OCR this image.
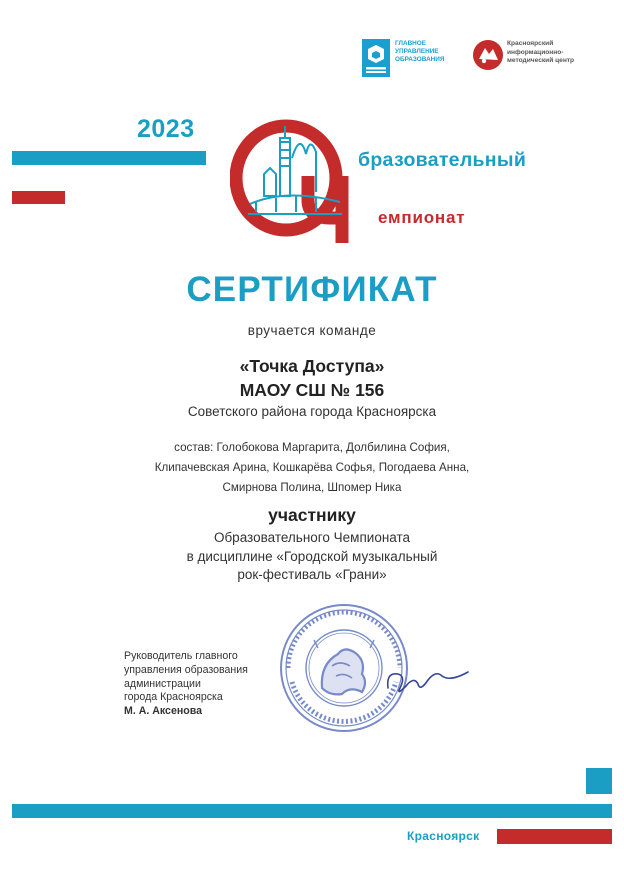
ГЛАВНОЕ УПРАВЛЕНИЕ ОБРАЗОВАНИЯ
Красноярский информационно-методический центр
2023
бразовательный
емпионат
СЕРТИФИКАТ
вручается команде
«Точка Доступа»
МАОУ СШ № 156
Советского района города Красноярска
состав: Голобокова Маргарита, Долбилина София,
Клипачевская Арина, Кошкарёва Софья, Погодаева Анна,
Смирнова Полина, Шпомер Ника
участнику
Образовательного Чемпионата
в дисциплине «Городской музыкальный
рок-фестиваль «Грани»
Руководитель главного
управления образования
администрации
города Красноярска
М. А. Аксенова
Красноярск
